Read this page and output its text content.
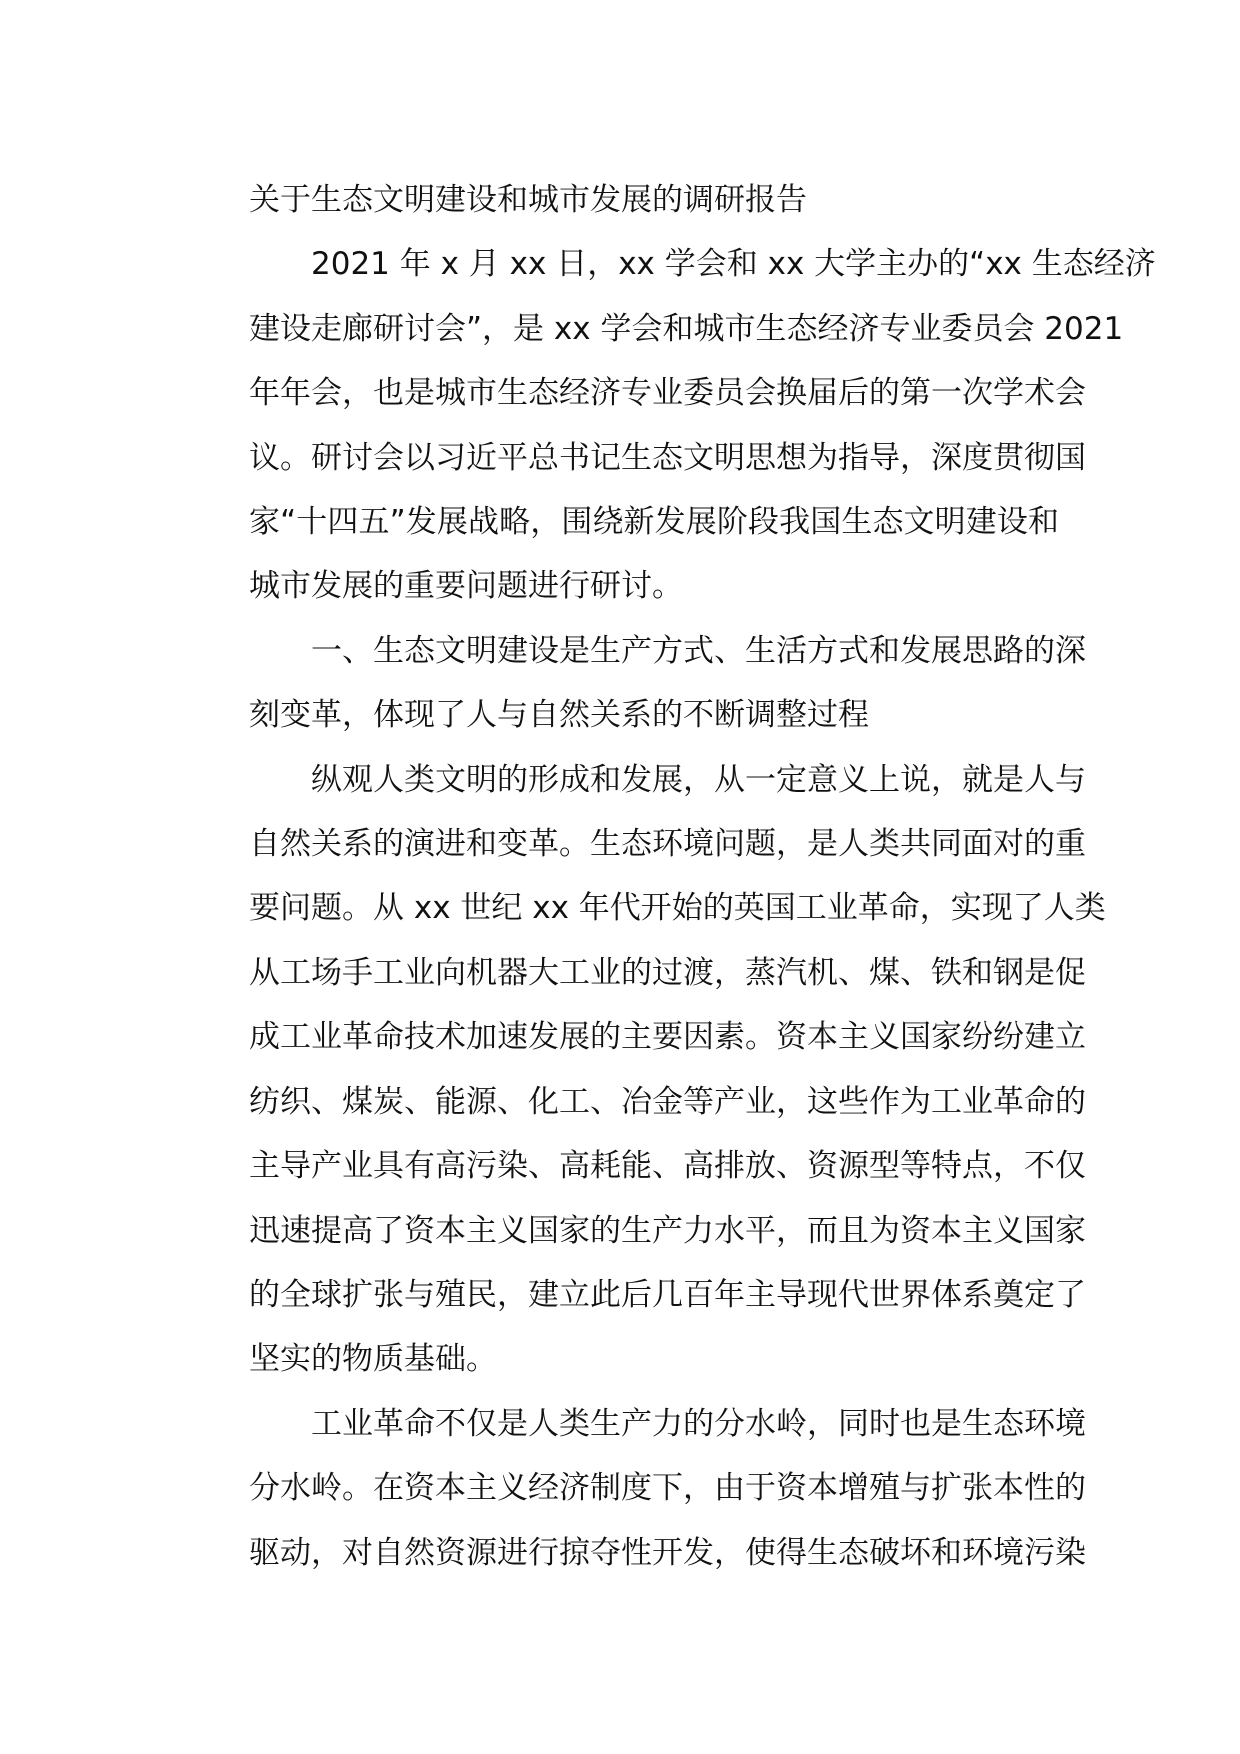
关于生态文明建设和城市发展的调研报告
2021 年 x 月 xx 日，xx 学会和 xx 大学主办的“xx 生态经济
建设走廊研讨会”，是 xx 学会和城市生态经济专业委员会 2021
年年会，也是城市生态经济专业委员会换届后的第一次学术会
议。研讨会以习近平总书记生态文明思想为指导，深度贯彻国
家“十四五”发展战略，围绕新发展阶段我国生态文明建设和
城市发展的重要问题进行研讨。
一、生态文明建设是生产方式、生活方式和发展思路的深
刻变革，体现了人与自然关系的不断调整过程
纵观人类文明的形成和发展，从一定意义上说，就是人与
自然关系的演进和变革。生态环境问题，是人类共同面对的重
要问题。从 xx 世纪 xx 年代开始的英国工业革命，实现了人类
从工场手工业向机器大工业的过渡，蒸汽机、煤、铁和钢是促
成工业革命技术加速发展的主要因素。资本主义国家纷纷建立
纺织、煤炭、能源、化工、冶金等产业，这些作为工业革命的
主导产业具有高污染、高耗能、高排放、资源型等特点，不仅
迅速提高了资本主义国家的生产力水平，而且为资本主义国家
的全球扩张与殖民，建立此后几百年主导现代世界体系奠定了
坚实的物质基础。
工业革命不仅是人类生产力的分水岭，同时也是生态环境
分水岭。在资本主义经济制度下，由于资本增殖与扩张本性的
驱动，对自然资源进行掠夺性开发，使得生态破坏和环境污染
